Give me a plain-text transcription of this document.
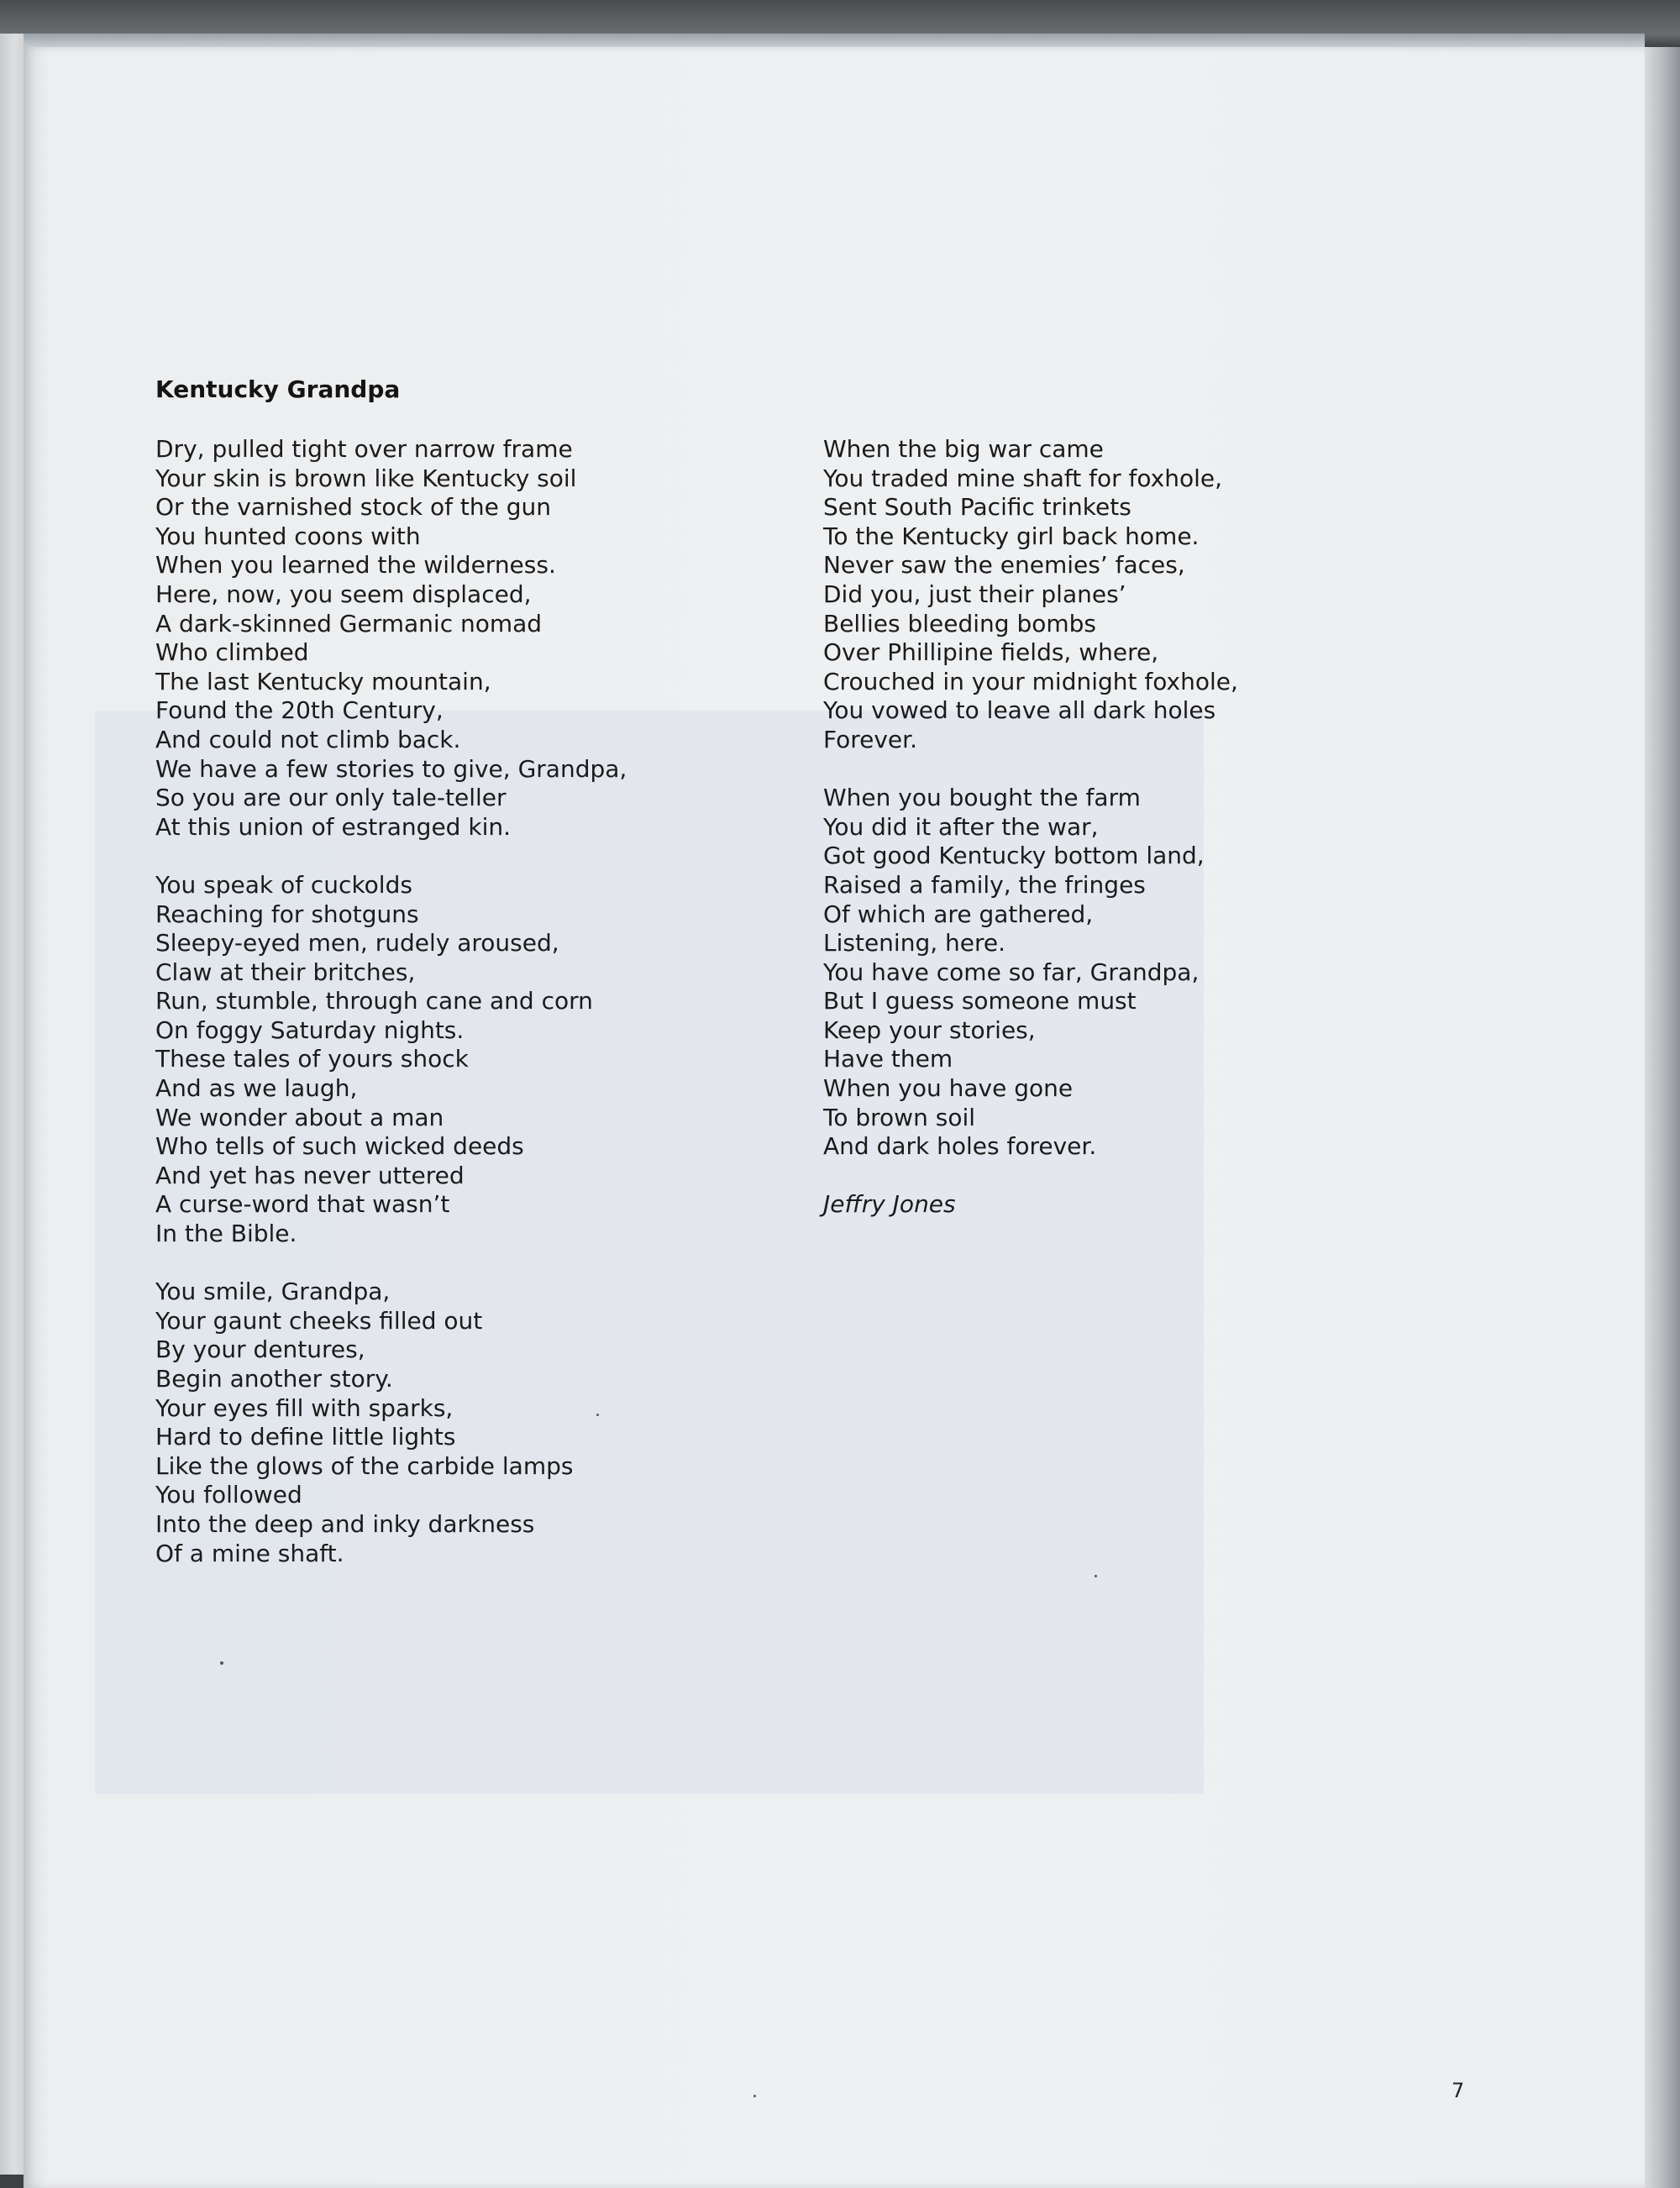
Kentucky Grandpa
Dry, pulled tight over narrow frame
Your skin is brown like Kentucky soil
Or the varnished stock of the gun
You hunted coons with
When you learned the wilderness.
Here, now, you seem displaced,
A dark-skinned Germanic nomad
Who climbed
The last Kentucky mountain,
Found the 20th Century,
And could not climb back.
We have a few stories to give, Grandpa,
So you are our only tale-teller
At this union of estranged kin.
You speak of cuckolds
Reaching for shotguns
Sleepy-eyed men, rudely aroused,
Claw at their britches,
Run, stumble, through cane and corn
On foggy Saturday nights.
These tales of yours shock
And as we laugh,
We wonder about a man
Who tells of such wicked deeds
And yet has never uttered
A curse-word that wasn’t
In the Bible.
You smile, Grandpa,
Your gaunt cheeks filled out
By your dentures,
Begin another story.
Your eyes fill with sparks,
Hard to define little lights
Like the glows of the carbide lamps
You followed
Into the deep and inky darkness
Of a mine shaft.
When the big war came
You traded mine shaft for foxhole,
Sent South Pacific trinkets
To the Kentucky girl back home.
Never saw the enemies’ faces,
Did you, just their planes’
Bellies bleeding bombs
Over Phillipine fields, where,
Crouched in your midnight foxhole,
You vowed to leave all dark holes
Forever.
When you bought the farm
You did it after the war,
Got good Kentucky bottom land,
Raised a family, the fringes
Of which are gathered,
Listening, here.
You have come so far, Grandpa,
But I guess someone must
Keep your stories,
Have them
When you have gone
To brown soil
And dark holes forever.

Jeffry Jones

7
